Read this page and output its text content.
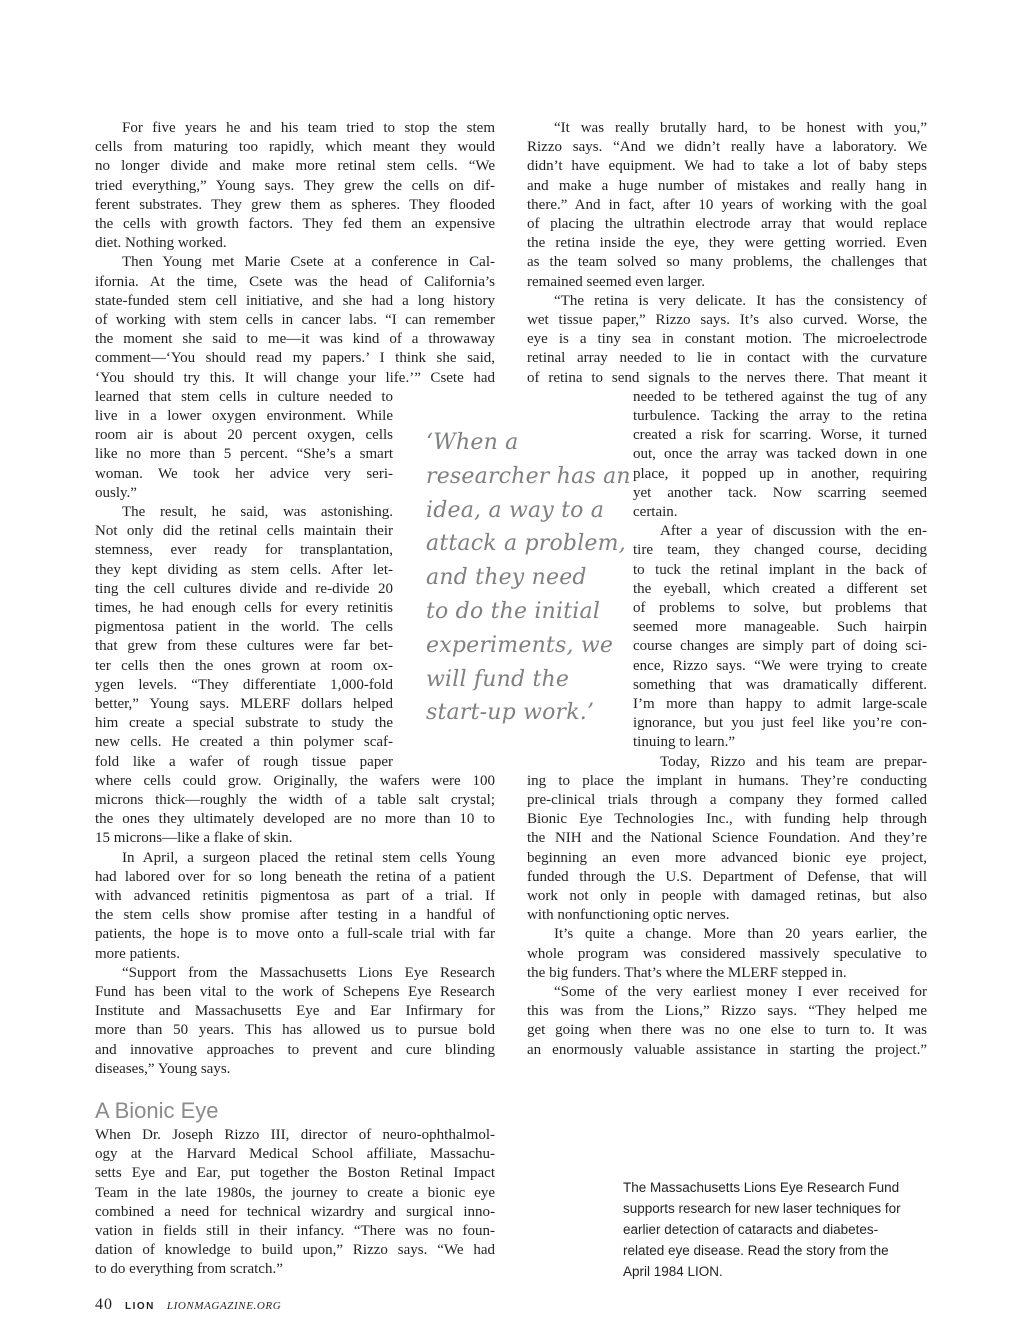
For five years he and his team tried to stop the stem
cells from maturing too rapidly, which meant they would
no longer divide and make more retinal stem cells. “We
tried everything,” Young says. They grew the cells on dif-
ferent substrates. They grew them as spheres. They flooded
the cells with growth factors. They fed them an expensive
diet. Nothing worked.
Then Young met Marie Csete at a conference in Cal-
ifornia. At the time, Csete was the head of California’s
state-funded stem cell initiative, and she had a long history
of working with stem cells in cancer labs. “I can remember
the moment she said to me—it was kind of a throwaway
comment—‘You should read my papers.’ I think she said,
‘You should try this. It will change your life.’” Csete had
learned that stem cells in culture needed to
live in a lower oxygen environment. While
room air is about 20 percent oxygen, cells
like no more than 5 percent. “She’s a smart
woman. We took her advice very seri-
ously.”
The result, he said, was astonishing.
Not only did the retinal cells maintain their
stemness, ever ready for transplantation,
they kept dividing as stem cells. After let-
ting the cell cultures divide and re-divide 20
times, he had enough cells for every retinitis
pigmentosa patient in the world. The cells
that grew from these cultures were far bet-
ter cells then the ones grown at room ox-
ygen levels. “They differentiate 1,000-fold
better,” Young says. MLERF dollars helped
him create a special substrate to study the
new cells. He created a thin polymer scaf-
fold like a wafer of rough tissue paper
where cells could grow. Originally, the wafers were 100
microns thick—roughly the width of a table salt crystal;
the ones they ultimately developed are no more than 10 to
15 microns—like a flake of skin.
In April, a surgeon placed the retinal stem cells Young
had labored over for so long beneath the retina of a patient
with advanced retinitis pigmentosa as part of a trial. If
the stem cells show promise after testing in a handful of
patients, the hope is to move onto a full-scale trial with far
more patients.
“Support from the Massachusetts Lions Eye Research
Fund has been vital to the work of Schepens Eye Research
Institute and Massachusetts Eye and Ear Infirmary for
more than 50 years. This has allowed us to pursue bold
and innovative approaches to prevent and cure blinding
diseases,” Young says.
‘When a
researcher has an
idea, a way to a
attack a problem,
and they need
to do the initial
experiments, we
will fund the
start-up work.’
“It was really brutally hard, to be honest with you,”
Rizzo says. “And we didn’t really have a laboratory. We
didn’t have equipment. We had to take a lot of baby steps
and make a huge number of mistakes and really hang in
there.” And in fact, after 10 years of working with the goal
of placing the ultrathin electrode array that would replace
the retina inside the eye, they were getting worried. Even
as the team solved so many problems, the challenges that
remained seemed even larger.
“The retina is very delicate. It has the consistency of
wet tissue paper,” Rizzo says. It’s also curved. Worse, the
eye is a tiny sea in constant motion. The microelectrode
retinal array needed to lie in contact with the curvature
of retina to send signals to the nerves there. That meant it
needed to be tethered against the tug of any
turbulence. Tacking the array to the retina
created a risk for scarring. Worse, it turned
out, once the array was tacked down in one
place, it popped up in another, requiring
yet another tack. Now scarring seemed
certain.
After a year of discussion with the en-
tire team, they changed course, deciding
to tuck the retinal implant in the back of
the eyeball, which created a different set
of problems to solve, but problems that
seemed more manageable. Such hairpin
course changes are simply part of doing sci-
ence, Rizzo says. “We were trying to create
something that was dramatically different.
I’m more than happy to admit large-scale
ignorance, but you just feel like you’re con-
tinuing to learn.”
Today, Rizzo and his team are prepar-
ing to place the implant in humans. They’re conducting
pre-clinical trials through a company they formed called
Bionic Eye Technologies Inc., with funding help through
the NIH and the National Science Foundation. And they’re
beginning an even more advanced bionic eye project,
funded through the U.S. Department of Defense, that will
work not only in people with damaged retinas, but also
with nonfunctioning optic nerves.
It’s quite a change. More than 20 years earlier, the
whole program was considered massively speculative to
the big funders. That’s where the MLERF stepped in.
“Some of the very earliest money I ever received for
this was from the Lions,” Rizzo says. “They helped me
get going when there was no one else to turn to. It was
an enormously valuable assistance in starting the project.”
A Bionic Eye
When Dr. Joseph Rizzo III, director of neuro-ophthalmol-
ogy at the Harvard Medical School affiliate, Massachu-
setts Eye and Ear, put together the Boston Retinal Impact
Team in the late 1980s, the journey to create a bionic eye
combined a need for technical wizardry and surgical inno-
vation in fields still in their infancy. “There was no foun-
dation of knowledge to build upon,” Rizzo says. “We had
to do everything from scratch.”
The Massachusetts Lions Eye Research Fund
supports research for new laser techniques for
earlier detection of cataracts and diabetes-
related eye disease. Read the story from the
April 1984 LION.
40 LION LIONMAGAZINE.ORG
